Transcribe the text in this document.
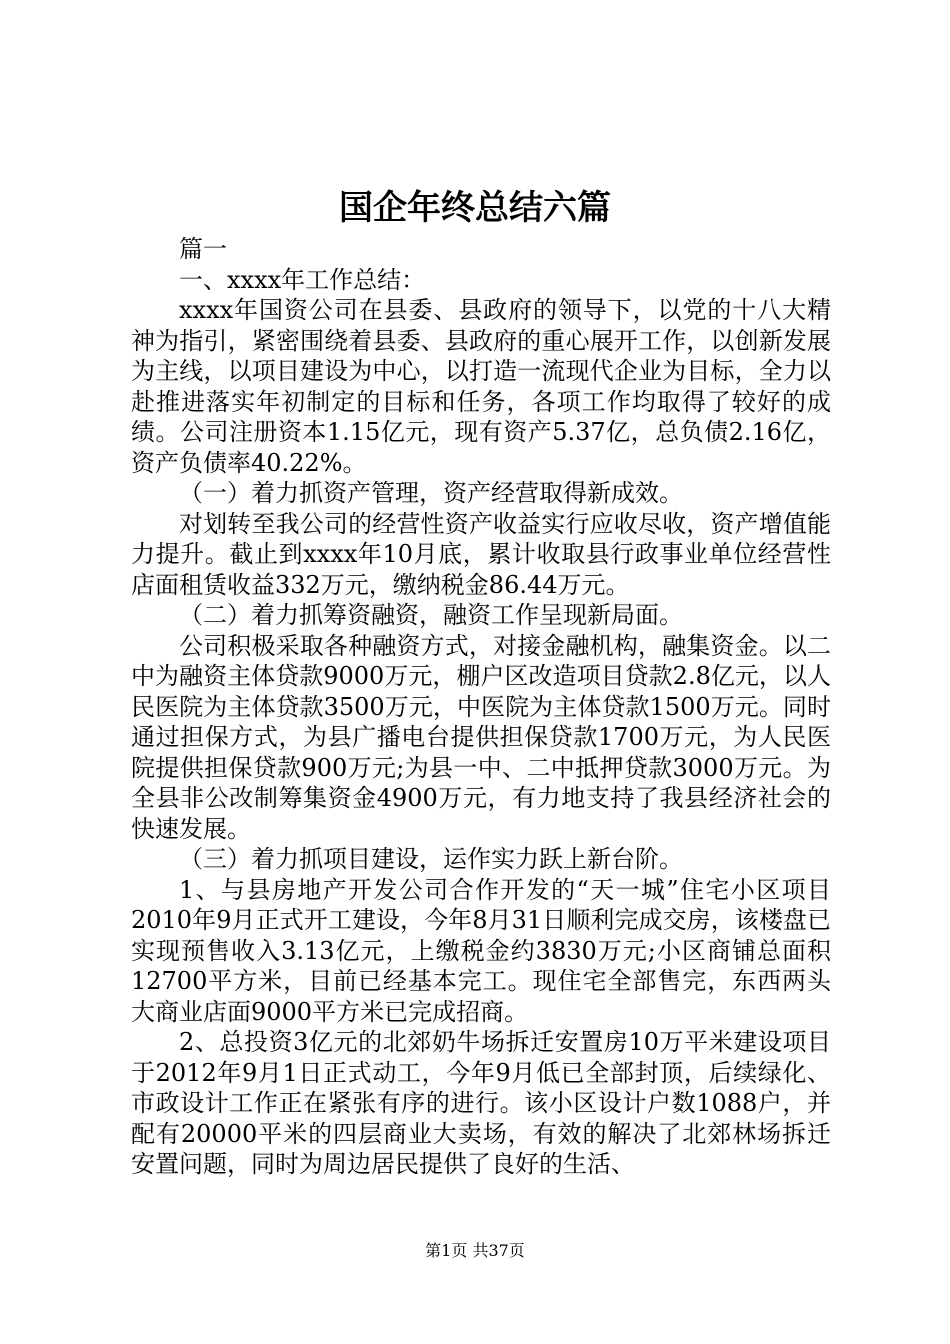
国企年终总结六篇

篇一

一、xxxx年工作总结：

xxxx年国资公司在县委、县政府的领导下，以党的十八大精神为指引，紧密围绕着县委、县政府的重心展开工作，以创新发展为主线，以项目建设为中心，以打造一流现代企业为目标，全力以赴推进落实年初制定的目标和任务，各项工作均取得了较好的成绩。公司注册资本1.15亿元，现有资产5.37亿，总负债2.16亿，资产负债率40.22%。

（一）着力抓资产管理，资产经营取得新成效。

对划转至我公司的经营性资产收益实行应收尽收，资产增值能力提升。截止到xxxx年10月底，累计收取县行政事业单位经营性店面租赁收益332万元，缴纳税金86.44万元。

（二）着力抓筹资融资，融资工作呈现新局面。

公司积极采取各种融资方式，对接金融机构，融集资金。以二中为融资主体贷款9000万元，棚户区改造项目贷款2.8亿元，以人民医院为主体贷款3500万元，中医院为主体贷款1500万元。同时通过担保方式，为县广播电台提供担保贷款1700万元，为人民医院提供担保贷款900万元;为县一中、二中抵押贷款3000万元。为全县非公改制筹集资金4900万元，有力地支持了我县经济社会的快速发展。

（三）着力抓项目建设，运作实力跃上新台阶。

1、与县房地产开发公司合作开发的“天一城”住宅小区项目2010年9月正式开工建设，今年8月31日顺利完成交房，该楼盘已实现预售收入3.13亿元，上缴税金约3830万元;小区商铺总面积12700平方米，目前已经基本完工。现住宅全部售完，东西两头大商业店面9000平方米已完成招商。

2、总投资3亿元的北郊奶牛场拆迁安置房10万平米建设项目于2012年9月1日正式动工，今年9月低已全部封顶，后续绿化、市政设计工作正在紧张有序的进行。该小区设计户数1088户，并配有20000平米的四层商业大卖场，有效的解决了北郊林场拆迁安置问题，同时为周边居民提供了良好的生活、

第1页 共37页
